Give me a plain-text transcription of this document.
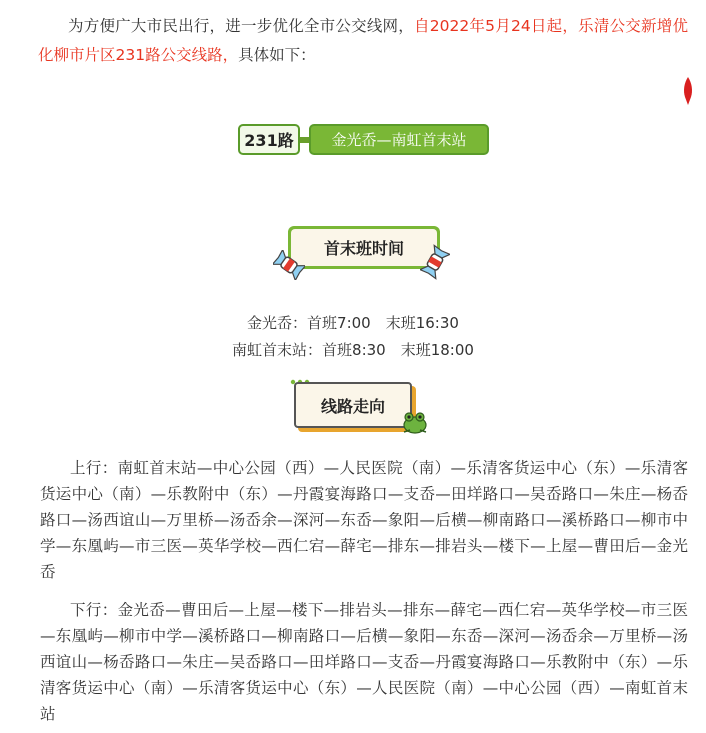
为方便广大市民出行，进一步优化全市公交线网，自2022年5月24日起，乐清公交新增优化柳市片区231路公交线路，具体如下：
231路	金光岙—南虹首末站
首末班时间
金光岙：首班7:00　末班16:30
南虹首末站：首班8:30　末班18:00
线路走向
上行：南虹首末站—中心公园（西）—人民医院（南）—乐清客货运中心（东）—乐清客货运中心（南）—乐教附中（东）—丹霞宴海路口—支岙—田垟路口—吴岙路口—朱庄—杨岙路口—汤西谊山—万里桥—汤岙余—深河—东岙—象阳—后横—柳南路口—溪桥路口—柳市中学—东凰屿—市三医—英华学校—西仁宕—薛宅—排东—排岩头—楼下—上屋—曹田后—金光岙
下行：金光岙—曹田后—上屋—楼下—排岩头—排东—薛宅—西仁宕—英华学校—市三医—东凰屿—柳市中学—溪桥路口—柳南路口—后横—象阳—东岙—深河—汤岙余—万里桥—汤西谊山—杨岙路口—朱庄—吴岙路口—田垟路口—支岙—丹霞宴海路口—乐教附中（东）—乐清客货运中心（南）—乐清客货运中心（东）—人民医院（南）—中心公园（西）—南虹首末站
